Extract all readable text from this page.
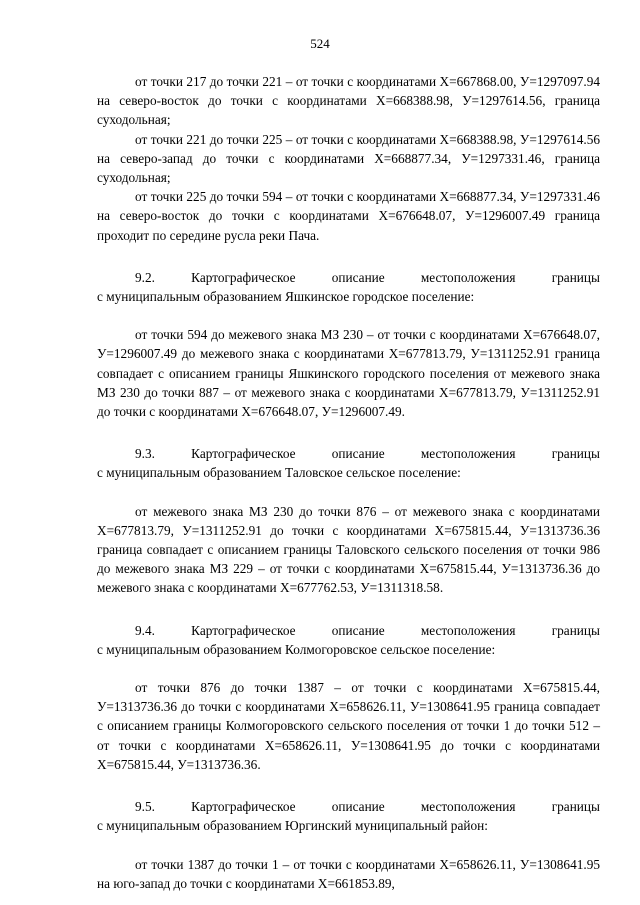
524

от точки 217 до точки 221 – от точки с координатами Х=667868.00, У=1297097.94 на северо-восток до точки с координатами Х=668388.98, У=1297614.56, граница суходольная;

от точки 221 до точки 225 – от точки с координатами Х=668388.98, У=1297614.56 на северо-запад до точки с координатами Х=668877.34, У=1297331.46, граница суходольная;

от точки 225 до точки 594 – от точки с координатами Х=668877.34, У=1297331.46 на северо-восток до точки с координатами Х=676648.07, У=1296007.49 граница проходит по середине русла реки Пача.

9.2.	Картографическое	описание	местоположения	границы
с муниципальным образованием Яшкинское городское поселение:

от точки 594 до межевого знака МЗ 230 – от точки с координатами Х=676648.07, У=1296007.49 до межевого знака с координатами Х=677813.79, У=1311252.91 граница совпадает с описанием границы Яшкинского городского поселения от межевого знака МЗ 230 до точки 887 – от межевого знака с координатами Х=677813.79, У=1311252.91 до точки с координатами Х=676648.07, У=1296007.49.

9.3.	Картографическое	описание	местоположения	границы
с муниципальным образованием Таловское сельское поселение:

от межевого знака МЗ 230 до точки 876 – от межевого знака с координатами Х=677813.79, У=1311252.91 до точки с координатами Х=675815.44, У=1313736.36 граница совпадает с описанием границы Таловского сельского поселения от точки 986 до межевого знака МЗ 229 – от точки с координатами Х=675815.44, У=1313736.36 до межевого знака с координатами Х=677762.53, У=1311318.58.

9.4.	Картографическое	описание	местоположения	границы
с муниципальным образованием Колмогоровское сельское поселение:

от точки 876 до точки 1387 – от точки с координатами Х=675815.44, У=1313736.36 до точки с координатами Х=658626.11, У=1308641.95 граница совпадает с описанием границы Колмогоровского сельского поселения от точки 1 до точки 512 – от точки с координатами Х=658626.11, У=1308641.95 до точки с координатами Х=675815.44, У=1313736.36.

9.5.	Картографическое	описание	местоположения	границы
с муниципальным образованием Юргинский муниципальный район:

от точки 1387 до точки 1 – от точки с координатами Х=658626.11, У=1308641.95 на юго-запад до точки с координатами Х=661853.89,
